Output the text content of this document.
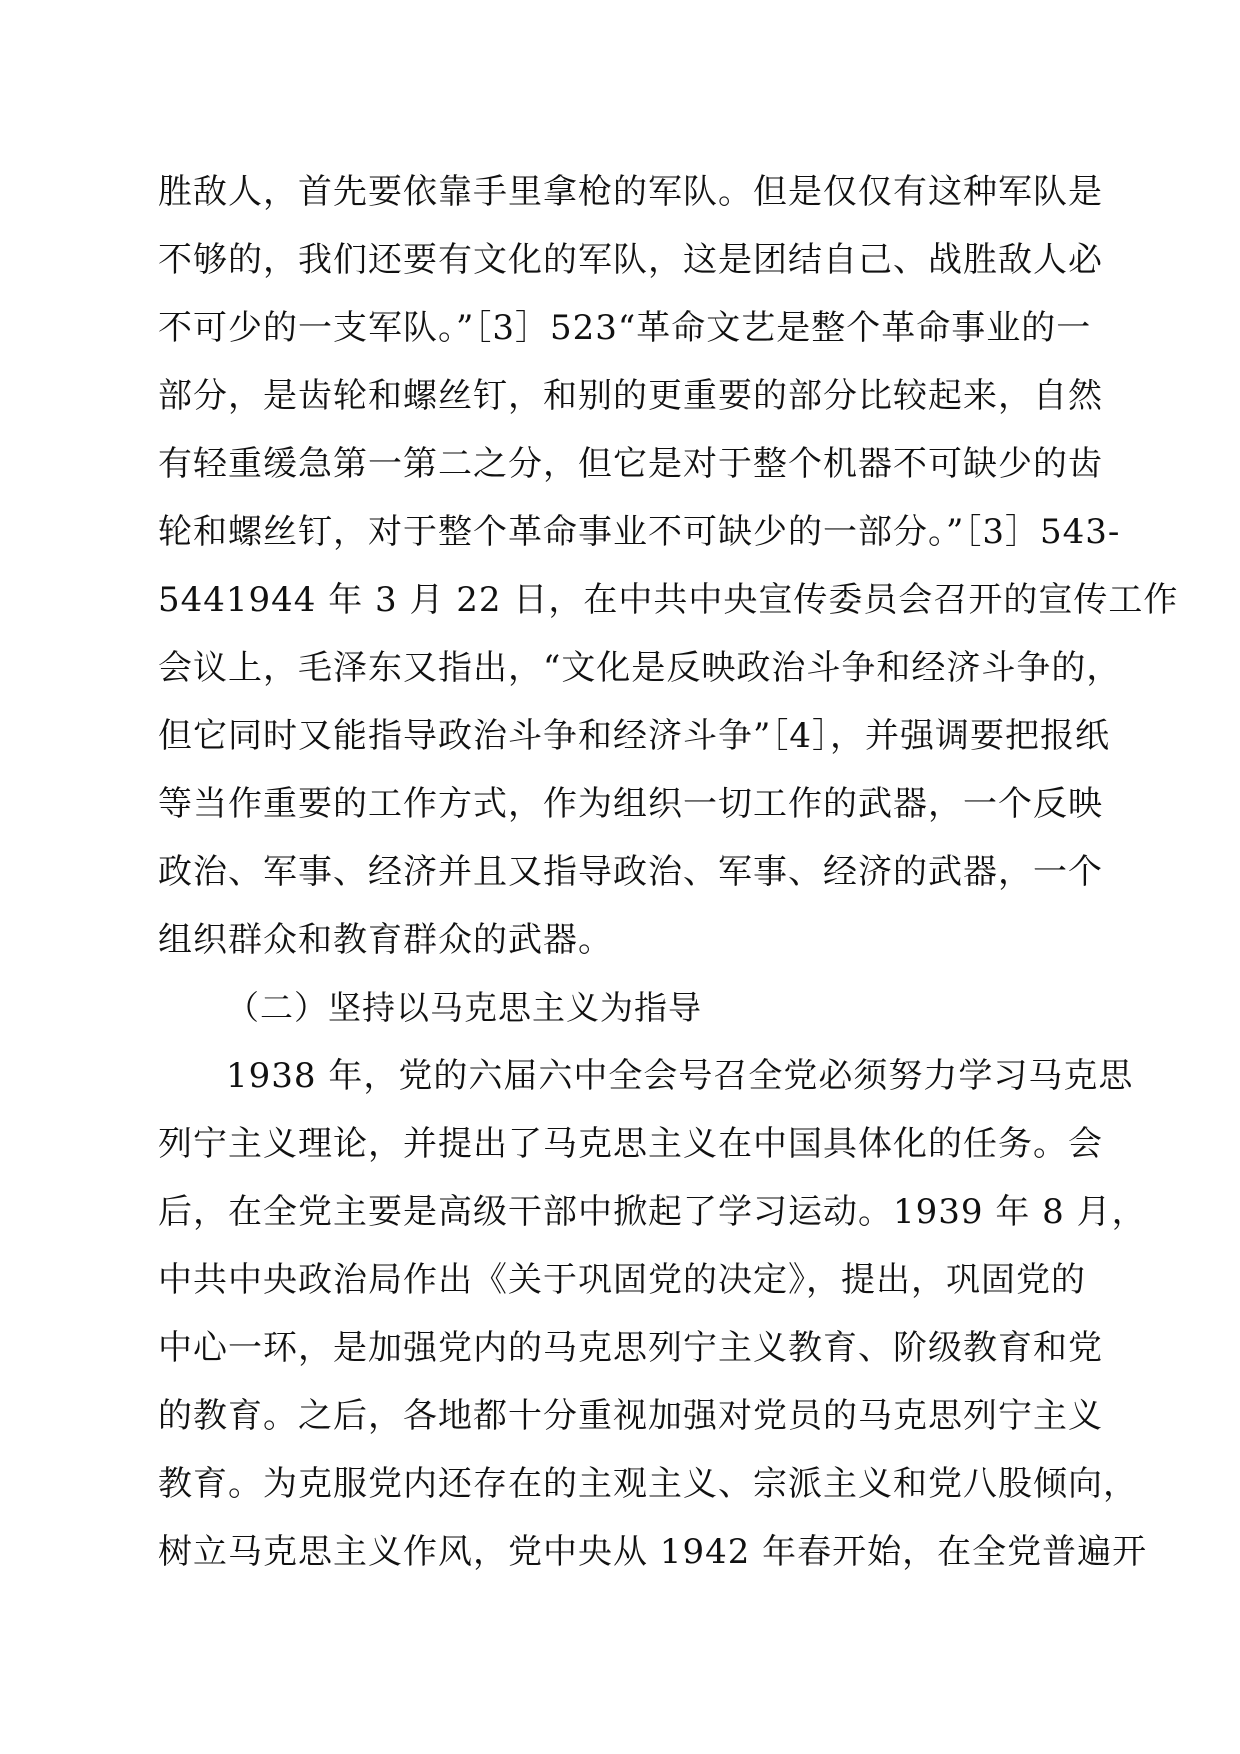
胜敌人，首先要依靠手里拿枪的军队。但是仅仅有这种军队是
不够的，我们还要有文化的军队，这是团结自己、战胜敌人必
不可少的一支军队。”［3］523“革命文艺是整个革命事业的一
部分，是齿轮和螺丝钉，和别的更重要的部分比较起来，自然
有轻重缓急第一第二之分，但它是对于整个机器不可缺少的齿
轮和螺丝钉，对于整个革命事业不可缺少的一部分。”［3］543-
5441944 年 3 月 22 日，在中共中央宣传委员会召开的宣传工作
会议上，毛泽东又指出，“文化是反映政治斗争和经济斗争的，
但它同时又能指导政治斗争和经济斗争”［4］，并强调要把报纸
等当作重要的工作方式，作为组织一切工作的武器，一个反映
政治、军事、经济并且又指导政治、军事、经济的武器，一个
组织群众和教育群众的武器。
（二）坚持以马克思主义为指导
1938 年，党的六届六中全会号召全党必须努力学习马克思
列宁主义理论，并提出了马克思主义在中国具体化的任务。会
后，在全党主要是高级干部中掀起了学习运动。1939 年 8 月，
中共中央政治局作出《关于巩固党的决定》，提出，巩固党的
中心一环，是加强党内的马克思列宁主义教育、阶级教育和党
的教育。之后，各地都十分重视加强对党员的马克思列宁主义
教育。为克服党内还存在的主观主义、宗派主义和党八股倾向，
树立马克思主义作风，党中央从 1942 年春开始，在全党普遍开
